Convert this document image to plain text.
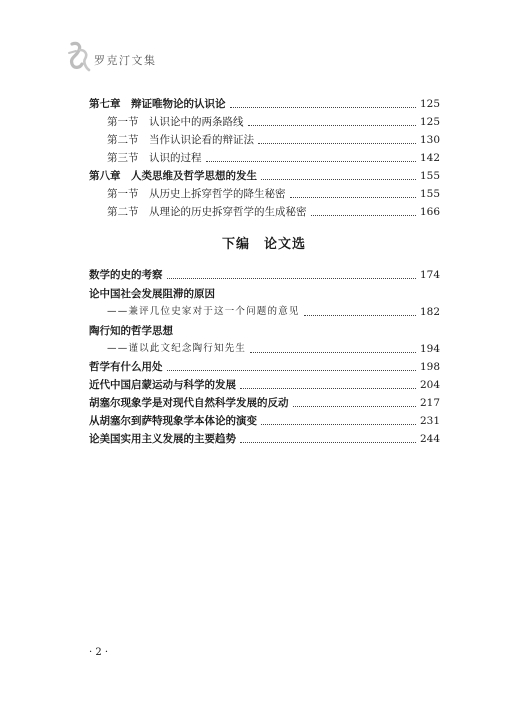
罗克汀文集
第七章　辩证唯物论的认识论	125
第一节　认识论中的两条路线	125
第二节　当作认识论看的辩证法	130
第三节　认识的过程	142
第八章　人类思维及哲学思想的发生	155
第一节　从历史上拆穿哲学的降生秘密	155
第二节　从理论的历史拆穿哲学的生成秘密	166
下编　论文选
数学的史的考察	174
论中国社会发展阻滞的原因
——兼评几位史家对于这一个问题的意见	182
陶行知的哲学思想
——谨以此文纪念陶行知先生	194
哲学有什么用处	198
近代中国启蒙运动与科学的发展	204
胡塞尔现象学是对现代自然科学发展的反动	217
从胡塞尔到萨特现象学本体论的演变	231
论美国实用主义发展的主要趋势	244
· 2 ·
